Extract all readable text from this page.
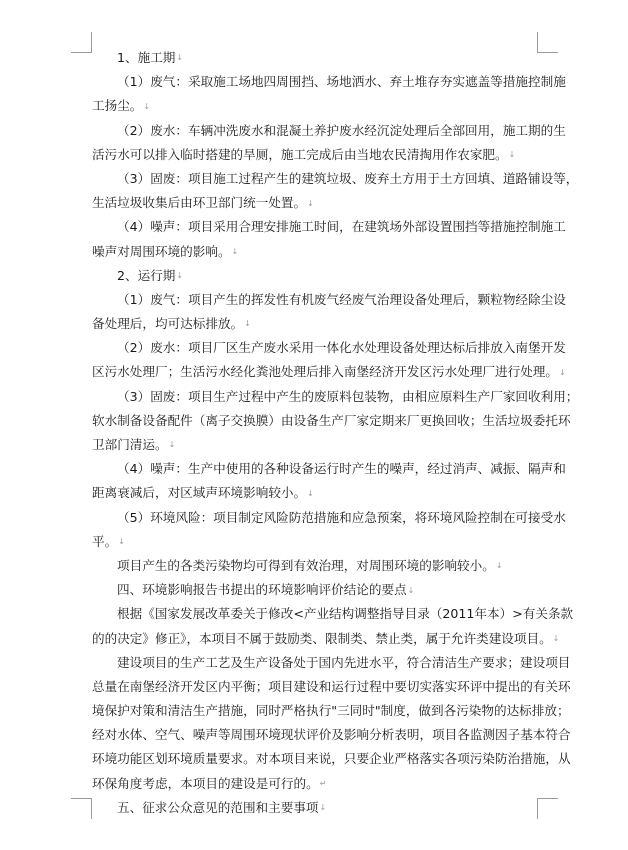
1、施工期↓
（1）废气：采取施工场地四周围挡、场地洒水、弃土堆存夯实遮盖等措施控制施
工扬尘。↓
（2）废水：车辆冲洗废水和混凝土养护废水经沉淀处理后全部回用，施工期的生
活污水可以排入临时搭建的旱厕，施工完成后由当地农民清掏用作农家肥。↓
（3）固废：项目施工过程产生的建筑垃圾、废弃土方用于土方回填、道路铺设等，
生活垃圾收集后由环卫部门统一处置。↓
（4）噪声：项目采用合理安排施工时间，在建筑场外部设置围挡等措施控制施工
噪声对周围环境的影响。↓
2、运行期↓
（1）废气：项目产生的挥发性有机废气经废气治理设备处理后，颗粒物经除尘设
备处理后，均可达标排放。↓
（2）废水：项目厂区生产废水采用一体化水处理设备处理达标后排放入南堡开发
区污水处理厂；生活污水经化粪池处理后排入南堡经济开发区污水处理厂进行处理。↓
（3）固废：项目生产过程中产生的废原料包装物，由相应原料生产厂家回收利用；
软水制备设备配件（离子交换膜）由设备生产厂家定期来厂更换回收；生活垃圾委托环
卫部门清运。↓
（4）噪声：生产中使用的各种设备运行时产生的噪声，经过消声、减振、隔声和
距离衰减后，对区域声环境影响较小。↓
（5）环境风险：项目制定风险防范措施和应急预案，将环境风险控制在可接受水
平。↓
项目产生的各类污染物均可得到有效治理，对周围环境的影响较小。↓
四、环境影响报告书提出的环境影响评价结论的要点↓
根据《国家发展改革委关于修改<产业结构调整指导目录（2011年本）>有关条款
的的决定》修正》，本项目不属于鼓励类、限制类、禁止类，属于允许类建设项目。↓
建设项目的生产工艺及生产设备处于国内先进水平，符合清洁生产要求；建设项目
总量在南堡经济开发区内平衡；项目建设和运行过程中要切实落实环评中提出的有关环
境保护对策和清洁生产措施，同时严格执行"三同时"制度，做到各污染物的达标排放；
经对水体、空气、噪声等周围环境现状评价及影响分析表明，项目各监测因子基本符合
环境功能区划环境质量要求。对本项目来说，只要企业严格落实各项污染防治措施，从
环保角度考虑，本项目的建设是可行的。↵
五、征求公众意见的范围和主要事项↓
